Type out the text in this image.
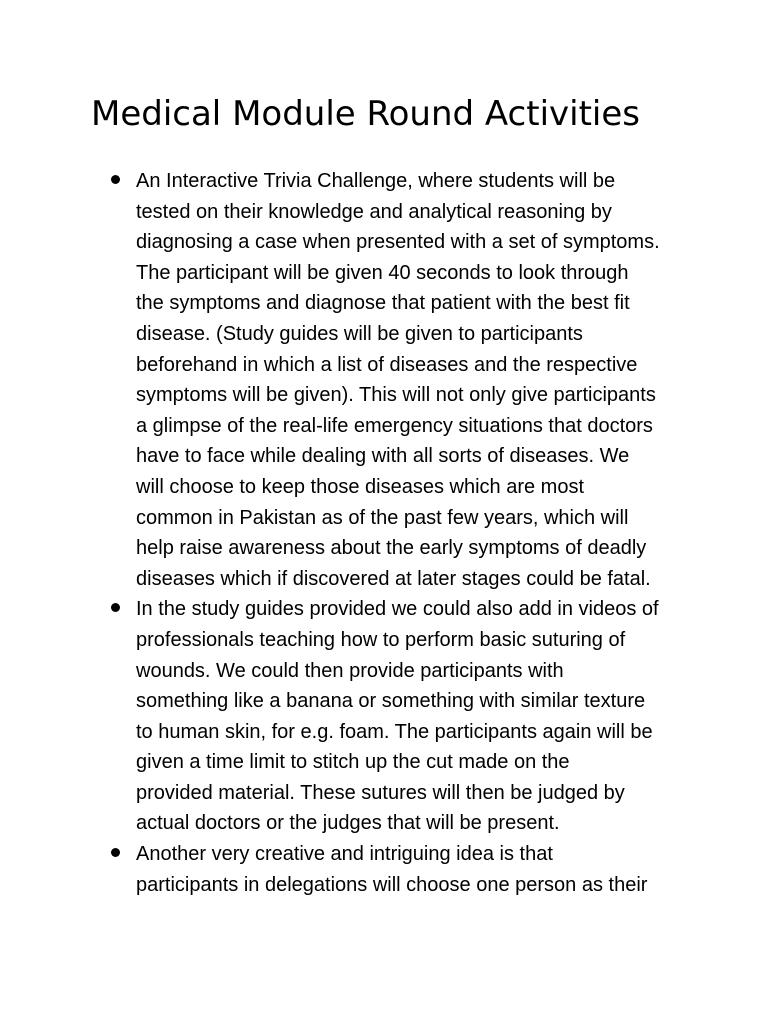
Medical Module Round Activities
An Interactive Trivia Challenge, where students will be
tested on their knowledge and analytical reasoning by
diagnosing a case when presented with a set of symptoms.
The participant will be given 40 seconds to look through
the symptoms and diagnose that patient with the best fit
disease. (Study guides will be given to participants
beforehand in which a list of diseases and the respective
symptoms will be given). This will not only give participants
a glimpse of the real-life emergency situations that doctors
have to face while dealing with all sorts of diseases. We
will choose to keep those diseases which are most
common in Pakistan as of the past few years, which will
help raise awareness about the early symptoms of deadly
diseases which if discovered at later stages could be fatal.
In the study guides provided we could also add in videos of
professionals teaching how to perform basic suturing of
wounds. We could then provide participants with
something like a banana or something with similar texture
to human skin, for e.g. foam. The participants again will be
given a time limit to stitch up the cut made on the
provided material. These sutures will then be judged by
actual doctors or the judges that will be present.
Another very creative and intriguing idea is that
participants in delegations will choose one person as their
